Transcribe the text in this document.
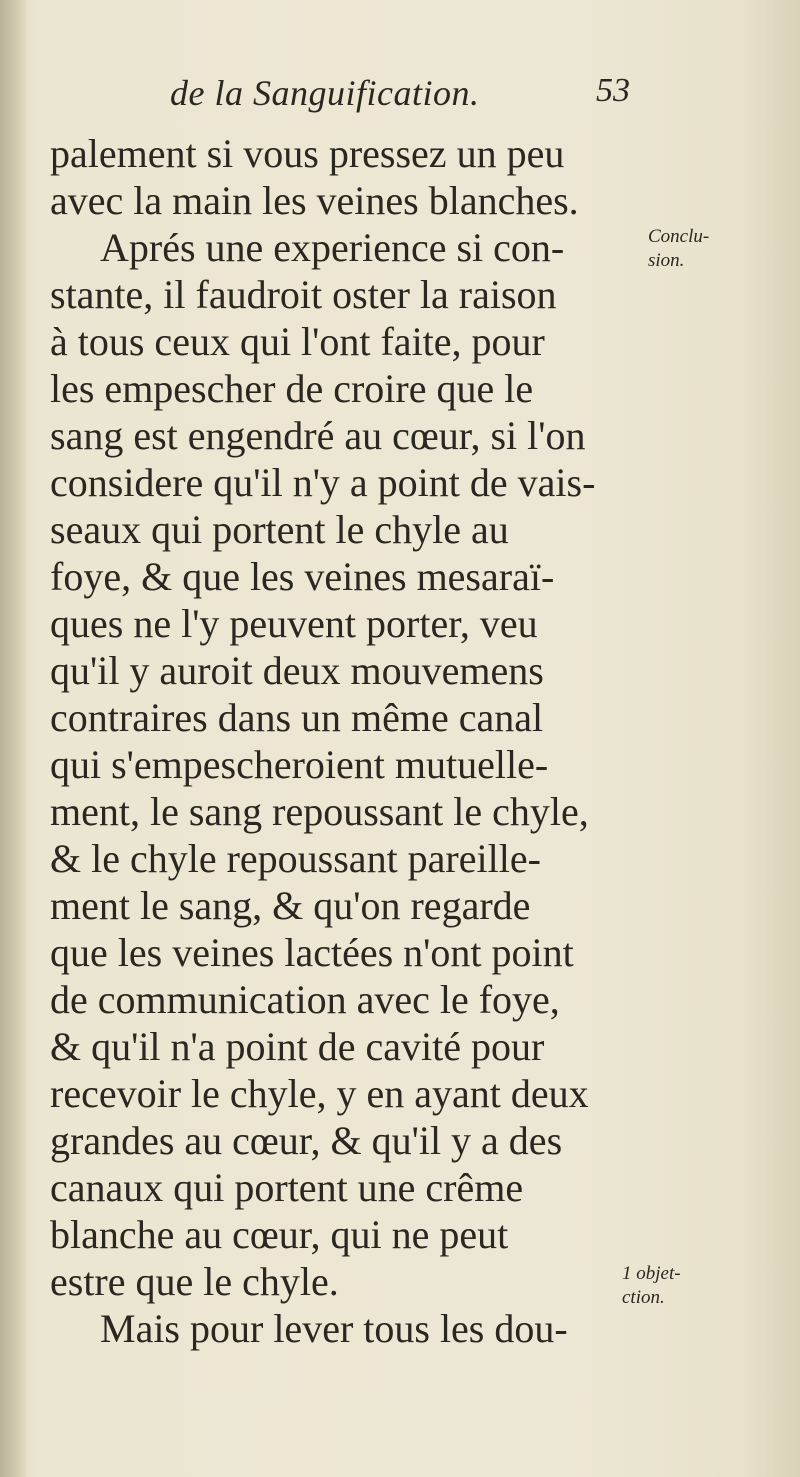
de la Sanguification.	53
palement si vous pressez un peu
avec la main les veines blanches.
Aprés une experience si con-
stante, il faudroit oster la raison
à tous ceux qui l'ont faite, pour
les empescher de croire que le
sang est engendré au cœur, si l'on
considere qu'il n'y a point de vais-
seaux qui portent le chyle au
foye, & que les veines mesaraï-
ques ne l'y peuvent porter, veu
qu'il y auroit deux mouvemens
contraires dans un même canal
qui s'empescheroient mutuelle-
ment, le sang repoussant le chyle,
& le chyle repoussant pareille-
ment le sang, & qu'on regarde
que les veines lactées n'ont point
de communication avec le foye,
& qu'il n'a point de cavité pour
recevoir le chyle, y en ayant deux
grandes au cœur, & qu'il y a des
canaux qui portent une crême
blanche au cœur, qui ne peut
estre que le chyle.
Mais pour lever tous les dou-
Conclu-
sion.
1 objet-
ction.
